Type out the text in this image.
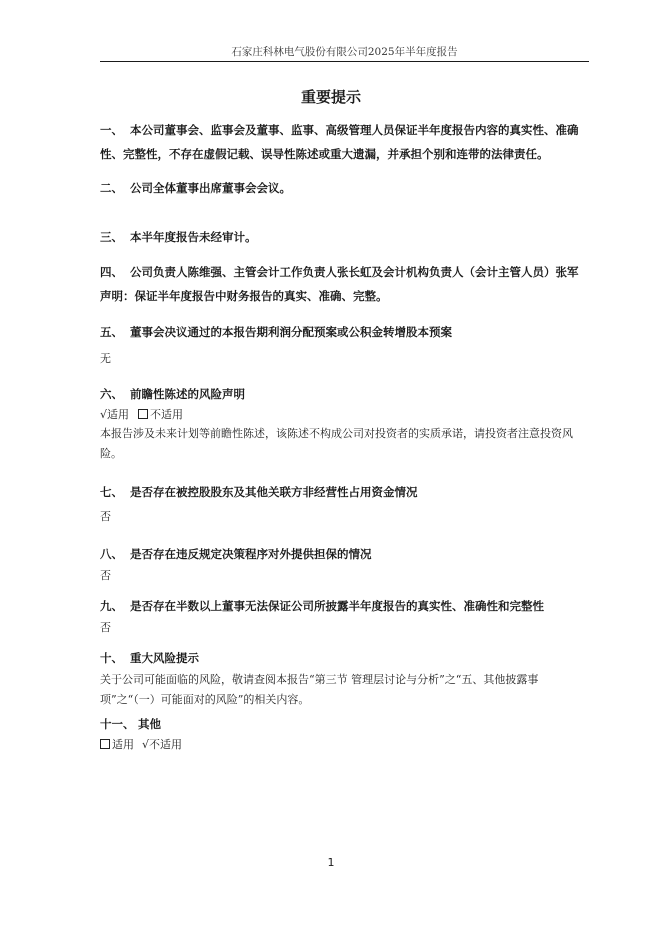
石家庄科林电气股份有限公司2025年半年度报告
重要提示
一、 本公司董事会、监事会及董事、监事、高级管理人员保证半年度报告内容的真实性、准确性、完整性，不存在虚假记载、误导性陈述或重大遗漏，并承担个别和连带的法律责任。
二、 公司全体董事出席董事会会议。
三、 本半年度报告未经审计。
四、 公司负责人陈维强、主管会计工作负责人张长虹及会计机构负责人（会计主管人员）张军声明：保证半年度报告中财务报告的真实、准确、完整。
五、 董事会决议通过的本报告期利润分配预案或公积金转增股本预案
无
六、 前瞻性陈述的风险声明
√适用 不适用
本报告涉及未来计划等前瞻性陈述，该陈述不构成公司对投资者的实质承诺，请投资者注意投资风险。
七、 是否存在被控股股东及其他关联方非经营性占用资金情况
否
八、 是否存在违反规定决策程序对外提供担保的情况
否
九、 是否存在半数以上董事无法保证公司所披露半年度报告的真实性、准确性和完整性
否
十、 重大风险提示
关于公司可能面临的风险，敬请查阅本报告“第三节 管理层讨论与分析”之“五、其他披露事项”之“（一）可能面对的风险”的相关内容。
十一、 其他
适用 √不适用
1
